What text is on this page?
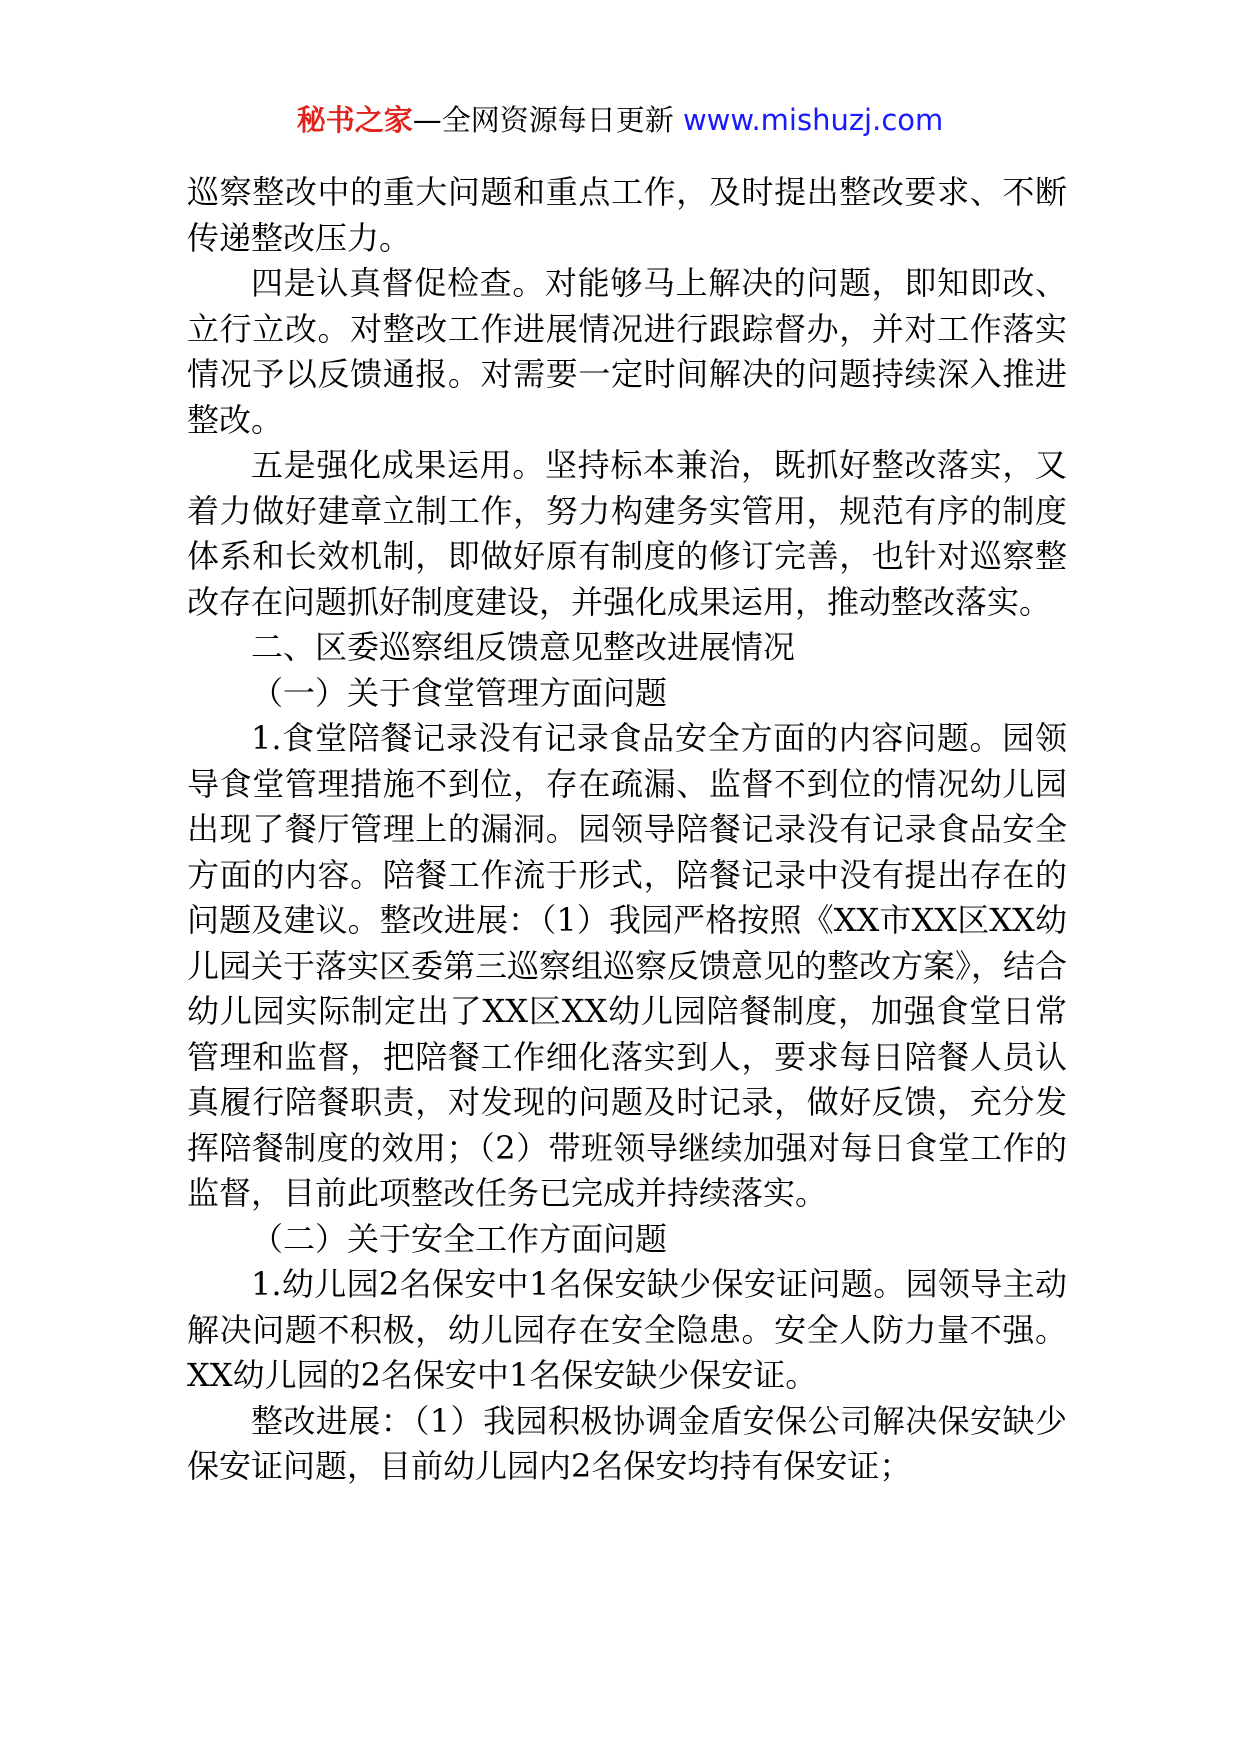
秘书之家—全网资源每日更新 www.mishuzj.com

巡察整改中的重大问题和重点工作，及时提出整改要求、不断传递整改压力。

四是认真督促检查。对能够马上解决的问题，即知即改、立行立改。对整改工作进展情况进行跟踪督办，并对工作落实情况予以反馈通报。对需要一定时间解决的问题持续深入推进整改。

五是强化成果运用。坚持标本兼治，既抓好整改落实，又着力做好建章立制工作，努力构建务实管用，规范有序的制度体系和长效机制，即做好原有制度的修订完善，也针对巡察整改存在问题抓好制度建设，并强化成果运用，推动整改落实。

二、区委巡察组反馈意见整改进展情况

（一）关于食堂管理方面问题

1.食堂陪餐记录没有记录食品安全方面的内容问题。园领导食堂管理措施不到位，存在疏漏、监督不到位的情况幼儿园出现了餐厅管理上的漏洞。园领导陪餐记录没有记录食品安全方面的内容。陪餐工作流于形式，陪餐记录中没有提出存在的问题及建议。整改进展：（1）我园严格按照《XX市XX区XX幼儿园关于落实区委第三巡察组巡察反馈意见的整改方案》，结合幼儿园实际制定出了XX区XX幼儿园陪餐制度，加强食堂日常管理和监督，把陪餐工作细化落实到人，要求每日陪餐人员认真履行陪餐职责，对发现的问题及时记录，做好反馈，充分发挥陪餐制度的效用；（2）带班领导继续加强对每日食堂工作的监督，目前此项整改任务已完成并持续落实。

（二）关于安全工作方面问题

1.幼儿园2名保安中1名保安缺少保安证问题。园领导主动解决问题不积极，幼儿园存在安全隐患。安全人防力量不强。XX幼儿园的2名保安中1名保安缺少保安证。

整改进展：（1）我园积极协调金盾安保公司解决保安缺少保安证问题，目前幼儿园内2名保安均持有保安证；
